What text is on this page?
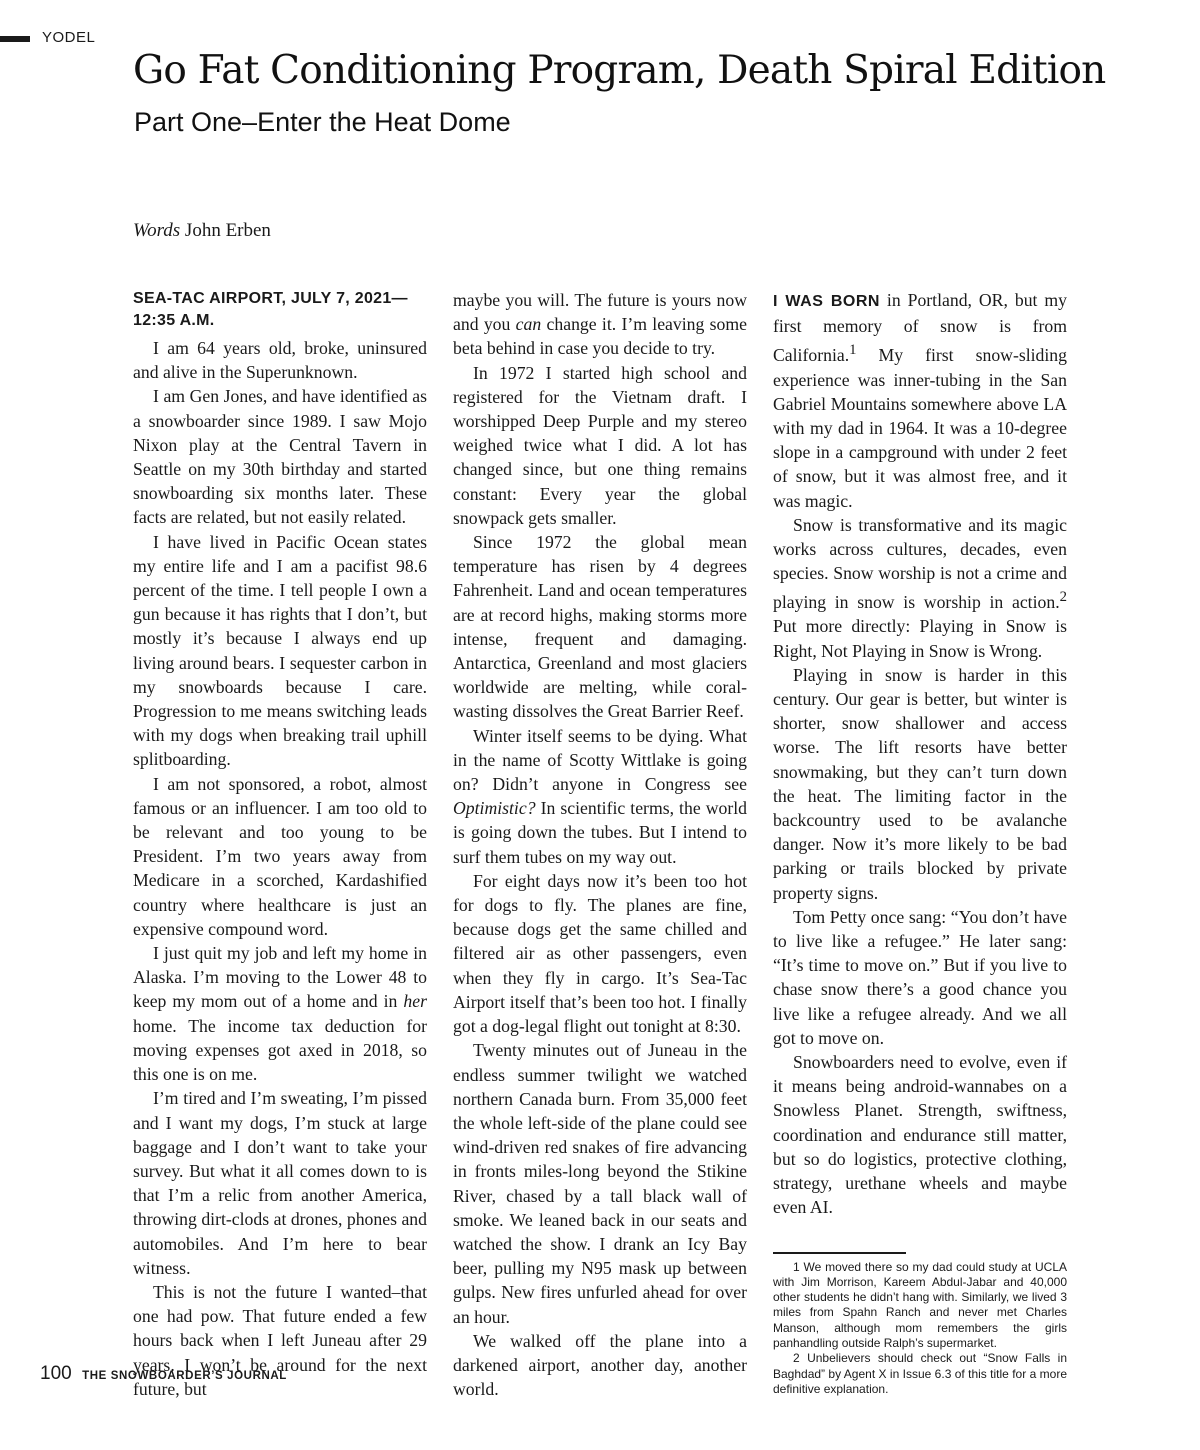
YODEL
Go Fat Conditioning Program, Death Spiral Edition
Part One–Enter the Heat Dome
Words John Erben
SEA-TAC AIRPORT, JULY 7, 2021—12:35 A.M.

I am 64 years old, broke, uninsured and alive in the Superunknown.

I am Gen Jones, and have identified as a snowboarder since 1989. I saw Mojo Nixon play at the Central Tavern in Seattle on my 30th birthday and started snowboarding six months later. These facts are related, but not easily related.

I have lived in Pacific Ocean states my entire life and I am a pacifist 98.6 percent of the time. I tell people I own a gun because it has rights that I don’t, but mostly it’s because I always end up living around bears. I sequester carbon in my snowboards because I care. Progression to me means switching leads with my dogs when breaking trail uphill splitboarding.

I am not sponsored, a robot, almost famous or an influencer. I am too old to be relevant and too young to be President. I’m two years away from Medicare in a scorched, Kardashified country where healthcare is just an expensive compound word.

I just quit my job and left my home in Alaska. I’m moving to the Lower 48 to keep my mom out of a home and in her home. The income tax deduction for moving expenses got axed in 2018, so this one is on me.

I’m tired and I’m sweating, I’m pissed and I want my dogs, I’m stuck at large baggage and I don’t want to take your survey. But what it all comes down to is that I’m a relic from another America, throwing dirt-clods at drones, phones and automobiles. And I’m here to bear witness.

This is not the future I wanted–that one had pow. That future ended a few hours back when I left Juneau after 29 years. I won’t be around for the next future, but

maybe you will. The future is yours now and you can change it. I’m leaving some beta behind in case you decide to try.

In 1972 I started high school and registered for the Vietnam draft. I worshipped Deep Purple and my stereo weighed twice what I did. A lot has changed since, but one thing remains constant: Every year the global snowpack gets smaller.

Since 1972 the global mean temperature has risen by 4 degrees Fahrenheit. Land and ocean temperatures are at record highs, making storms more intense, frequent and damaging. Antarctica, Greenland and most glaciers worldwide are melting, while coral-wasting dissolves the Great Barrier Reef.

Winter itself seems to be dying. What in the name of Scotty Wittlake is going on? Didn’t anyone in Congress see Optimistic? In scientific terms, the world is going down the tubes. But I intend to surf them tubes on my way out.

For eight days now it’s been too hot for dogs to fly. The planes are fine, because dogs get the same chilled and filtered air as other passengers, even when they fly in cargo. It’s Sea-Tac Airport itself that’s been too hot. I finally got a dog-legal flight out tonight at 8:30.

Twenty minutes out of Juneau in the endless summer twilight we watched northern Canada burn. From 35,000 feet the whole left-side of the plane could see wind-driven red snakes of fire advancing in fronts miles-long beyond the Stikine River, chased by a tall black wall of smoke. We leaned back in our seats and watched the show. I drank an Icy Bay beer, pulling my N95 mask up between gulps. New fires unfurled ahead for over an hour.

We walked off the plane into a darkened airport, another day, another world.

I WAS BORN in Portland, OR, but my first memory of snow is from California.$^1$ My first snow-sliding experience was inner-tubing in the San Gabriel Mountains somewhere above LA with my dad in 1964. It was a 10-degree slope in a campground with under 2 feet of snow, but it was almost free, and it was magic.

Snow is transformative and its magic works across cultures, decades, even species. Snow worship is not a crime and playing in snow is worship in action.$^2$ Put more directly: Playing in Snow is Right, Not Playing in Snow is Wrong.

Playing in snow is harder in this century. Our gear is better, but winter is shorter, snow shallower and access worse. The lift resorts have better snowmaking, but they can’t turn down the heat. The limiting factor in the backcountry used to be avalanche danger. Now it’s more likely to be bad parking or trails blocked by private property signs.

Tom Petty once sang: “You don’t have to live like a refugee.” He later sang: “It’s time to move on.” But if you live to chase snow there’s a good chance you live like a refugee already. And we all got to move on.

Snowboarders need to evolve, even if it means being android-wannabes on a Snowless Planet. Strength, swiftness, coordination and endurance still matter, but so do logistics, protective clothing, strategy, urethane wheels and maybe even AI.

1 We moved there so my dad could study at UCLA with Jim Morrison, Kareem Abdul-Jabar and 40,000 other students he didn’t hang with. Similarly, we lived 3 miles from Spahn Ranch and never met Charles Manson, although mom remembers the girls panhandling outside Ralph’s supermarket.

2 Unbelievers should check out “Snow Falls in Baghdad” by Agent X in Issue 6.3 of this title for a more definitive explanation.

100 THE SNOWBOARDER’S JOURNAL
